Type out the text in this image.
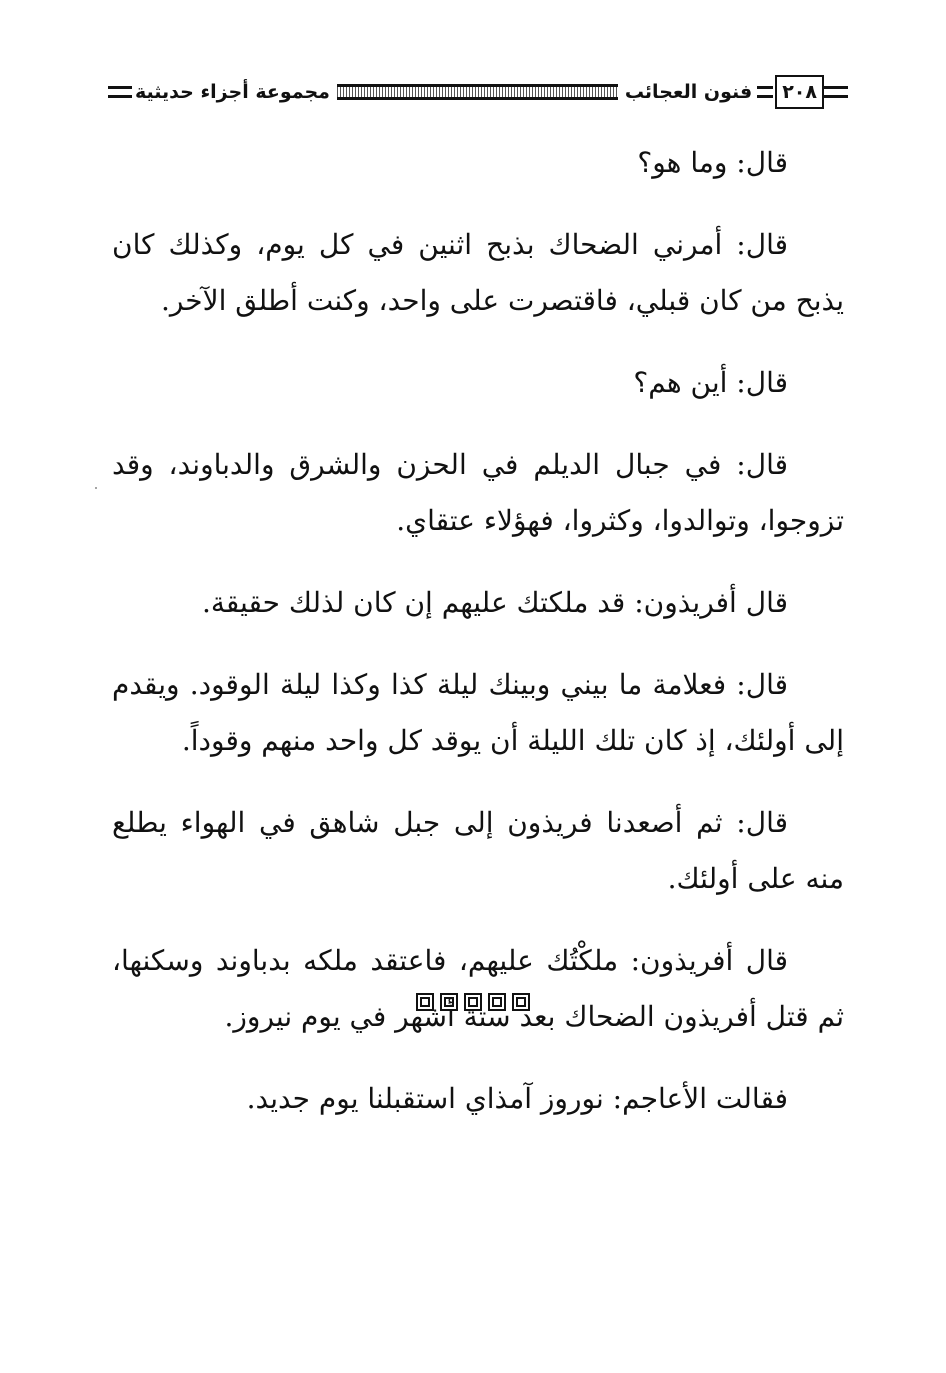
٢٠٨
فنون العجائب
مجموعة أجزاء حديثية

قال: وما هو؟

قال: أمرني الضحاك بذبح اثنين في كل يوم، وكذلك كان يذبح من كان قبلي، فاقتصرت على واحد، وكنت أطلق الآخر.

قال: أين هم؟

قال: في جبال الديلم في الحزن والشرق والدباوند، وقد تزوجوا، وتوالدوا، وكثروا، فهؤلاء عتقاي.

قال أفريذون: قد ملكتك عليهم إن كان لذلك حقيقة.

قال: فعلامة ما بيني وبينك ليلة كذا وكذا ليلة الوقود. ويقدم إلى أولئك، إذ كان تلك الليلة أن يوقد كل واحد منهم وقوداً.

قال: ثم أصعدنا فريذون إلى جبل شاهق في الهواء يطلع منه على أولئك.

قال أفريذون: ملكْتُك عليهم، فاعتقد ملكه بدباوند وسكنها، ثم قتل أفريذون الضحاك بعد ستة أشهر في يوم نيروز.

فقالت الأعاجم: نوروز آمذاي استقبلنا يوم جديد.
